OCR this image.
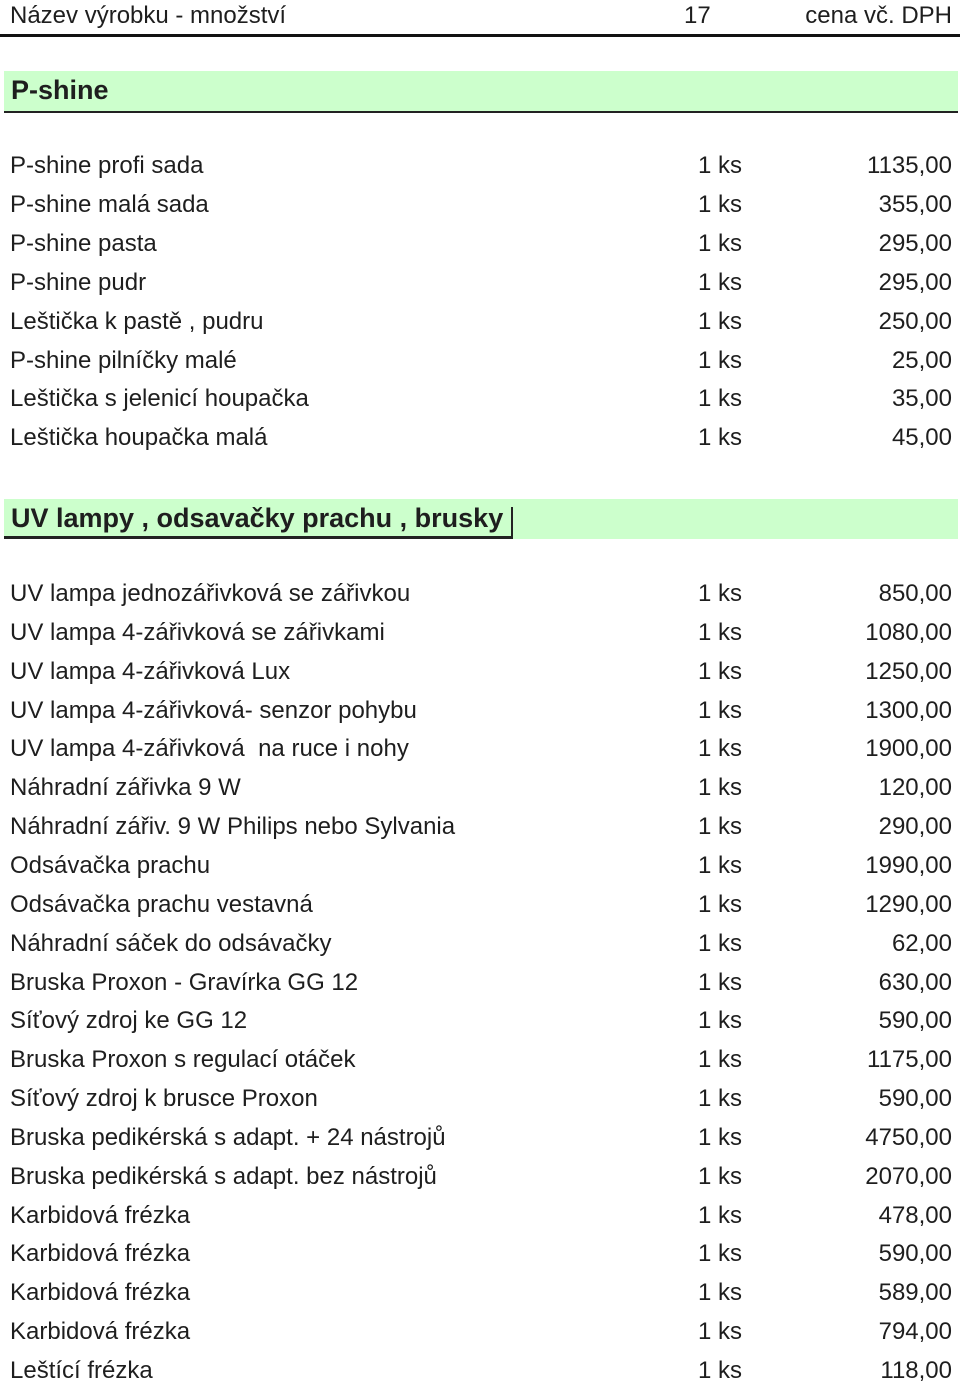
Název výrobku - množství	17	cena vč. DPH
P-shine
UV lampy , odsavačky prachu , brusky
P-shine profi sada	1 ks	1135,00
P-shine malá sada	1 ks	355,00
P-shine pasta	1 ks	295,00
P-shine pudr	1 ks	295,00
Leštička k pastě , pudru	1 ks	250,00
P-shine pilníčky malé	1 ks	25,00
Leštička s jelenicí houpačka	1 ks	35,00
Leštička houpačka malá	1 ks	45,00
UV lampa jednozářivková se zářivkou	1 ks	850,00
UV lampa 4-zářivková se zářivkami	1 ks	1080,00
UV lampa 4-zářivková Lux	1 ks	1250,00
UV lampa 4-zářivková- senzor pohybu	1 ks	1300,00
UV lampa 4-zářivková  na ruce i nohy	1 ks	1900,00
Náhradní zářivka 9 W	1 ks	120,00
Náhradní zářiv. 9 W Philips nebo Sylvania	1 ks	290,00
Odsávačka prachu	1 ks	1990,00
Odsávačka prachu vestavná	1 ks	1290,00
Náhradní sáček do odsávačky	1 ks	62,00
Bruska Proxon - Gravírka GG 12	1 ks	630,00
Síťový zdroj ke GG 12	1 ks	590,00
Bruska Proxon s regulací otáček	1 ks	1175,00
Síťový zdroj k brusce Proxon	1 ks	590,00
Bruska pedikérská s adapt. + 24 nástrojů	1 ks	4750,00
Bruska pedikérská s adapt. bez nástrojů	1 ks	2070,00
Karbidová frézka	1 ks	478,00
Karbidová frézka	1 ks	590,00
Karbidová frézka	1 ks	589,00
Karbidová frézka	1 ks	794,00
Leštící frézka	1 ks	118,00
